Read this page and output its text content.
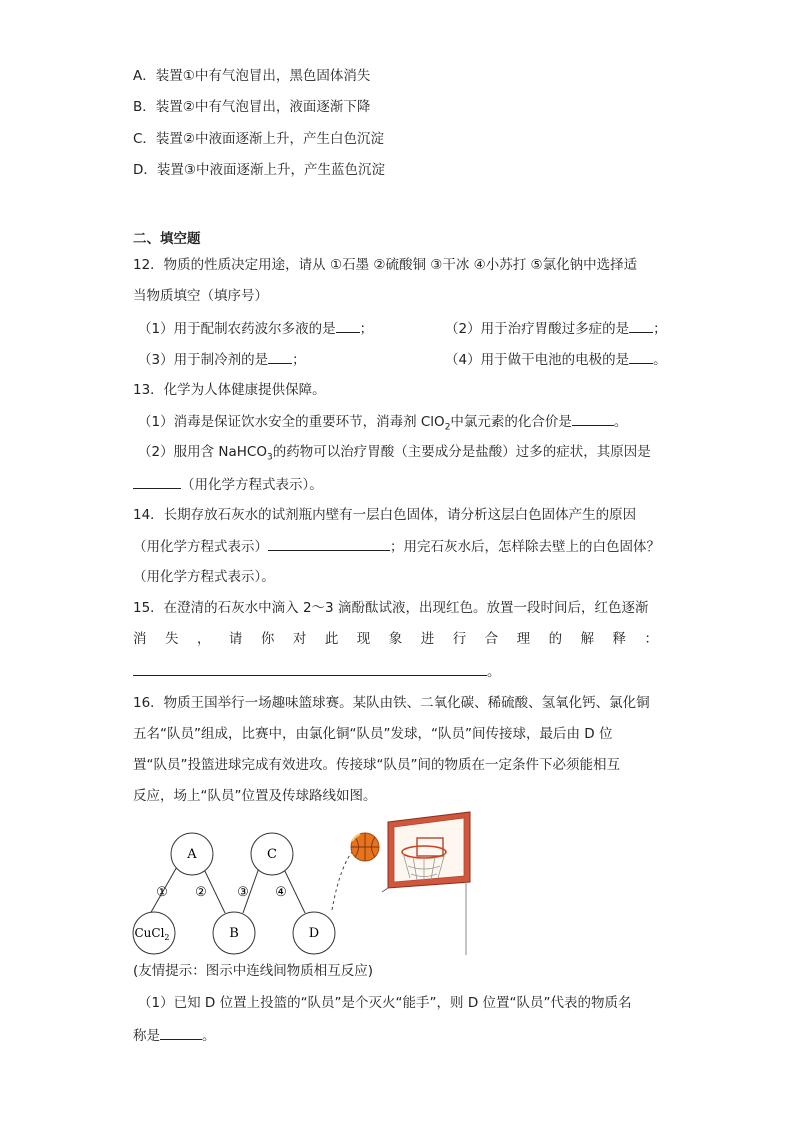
A．装置①中有气泡冒出，黑色固体消失
B．装置②中有气泡冒出，液面逐渐下降
C．装置②中液面逐渐上升，产生白色沉淀
D．装置③中液面逐渐上升，产生蓝色沉淀
二、填空题
12．物质的性质决定用途，请从 ①石墨 ②硫酸铜 ③干冰 ④小苏打 ⑤氯化钠中选择适
当物质填空（填序号）
（1）用于配制农药波尔多液的是 ；	（2）用于治疗胃酸过多症的是 ；
（3）用于制冷剂的是 ；	（4）用于做干电池的电极的是 。
13．化学为人体健康提供保障。
（1）消毒是保证饮水安全的重要环节，消毒剂 ClO$_2$中氯元素的化合价是	。
（2）服用含 NaHCO$_3$的药物可以治疗胃酸（主要成分是盐酸）过多的症状，其原因是
（用化学方程式表示）。
14．长期存放石灰水的试剂瓶内壁有一层白色固体，请分析这层白色固体产生的原因
（用化学方程式表示）	；用完石灰水后，怎样除去壁上的白色固体？
（用化学方程式表示）。
15．在澄清的石灰水中滴入 2～3 滴酚酞试液，出现红色。放置一段时间后，红色逐渐
消 失 ， 请 你 对 此 现 象 进 行 合 理 的 解 释 ：
。
16．物质王国举行一场趣味篮球赛。某队由铁、二氧化碳、稀硫酸、氢氧化钙、氯化铜
五名“队员”组成，比赛中，由氯化铜“队员”发球，“队员”间传接球，最后由 D 位
置“队员”投篮进球完成有效进攻。传接球“队员”间的物质在一定条件下必须能相互
反应，场上“队员”位置及传球路线如图。
A	C
CuCl$_2$	B	D
① ② ③ ④
(友情提示：图示中连线间物质相互反应)
（1）已知 D 位置上投篮的“队员”是个灭火“能手”，则 D 位置“队员”代表的物质名
称是	。
